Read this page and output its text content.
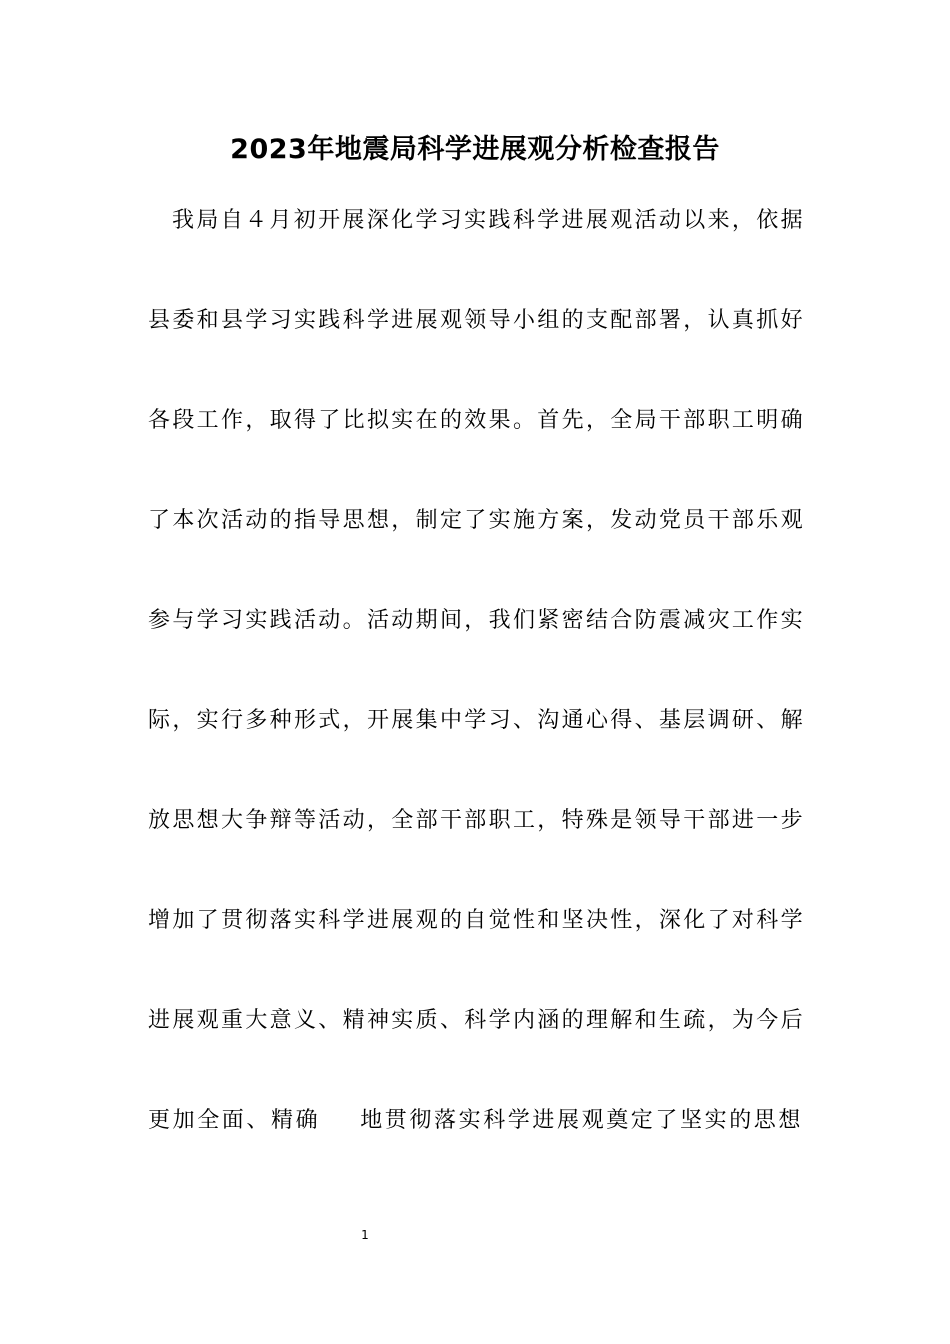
2023年地震局科学进展观分析检查报告
我局自４月初开展深化学习实践科学进展观活动以来，依据
县委和县学习实践科学进展观领导小组的支配部署，认真抓好
各段工作，取得了比拟实在的效果。首先，全局干部职工明确
了本次活动的指导思想，制定了实施方案，发动党员干部乐观
参与学习实践活动。活动期间，我们紧密结合防震减灾工作实
际，实行多种形式，开展集中学习、沟通心得、基层调研、解
放思想大争辩等活动，全部干部职工，特殊是领导干部进一步
增加了贯彻落实科学进展观的自觉性和坚决性，深化了对科学
进展观重大意义、精神实质、科学内涵的理解和生疏，为今后
更加全面、精确 地贯彻落实科学进展观奠定了坚实的思想
1
